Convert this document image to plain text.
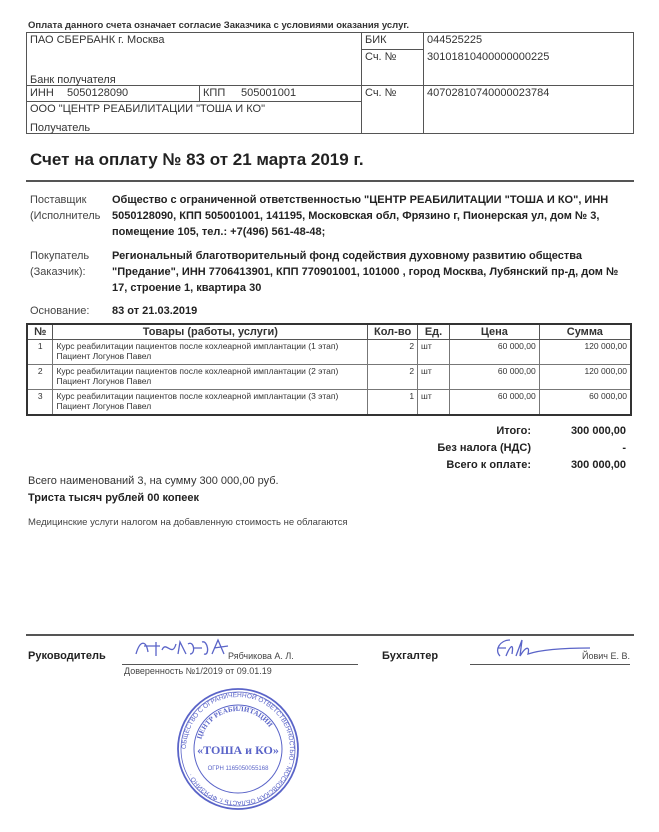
Оплата данного счета означает согласие Заказчика с условиями оказания услуг.
ПАО СБЕРБАНК г. Москва
Банк получателя
БИК	044525225
Сч. №	30101810400000000225
ИНН 5050128090	КПП 505001001	Сч. №	40702810740000023784
ООО "ЦЕНТР РЕАБИЛИТАЦИИ "ТОША И КО"
Получатель
Счет на оплату № 83 от 21 марта 2019 г.
Поставщик
(Исполнитель
Общество с ограниченной ответственностью "ЦЕНТР РЕАБИЛИТАЦИИ "ТОША И КО", ИНН 5050128090, КПП 505001001, 141195, Московская обл, Фрязино г, Пионерская ул, дом № 3, помещение 105, тел.: +7(496) 561-48-48;
Покупатель
(Заказчик):
Региональный благотворительный фонд содействия духовному развитию общества "Предание", ИНН 7706413901, КПП 770901001, 101000 , город Москва, Лубянский пр-д, дом № 17, строение 1, квартира 30
Основание:	83 от 21.03.2019
№	Товары (работы, услуги)	Кол-во	Ед.	Цена	Сумма
1	Курс реабилитации пациентов после кохлеарной имплантации (1 этап) Пациент Логунов Павел	2	шт	60 000,00	120 000,00
2	Курс реабилитации пациентов после кохлеарной имплантации (2 этап) Пациент Логунов Павел	2	шт	60 000,00	120 000,00
3	Курс реабилитации пациентов после кохлеарной имплантации (3 этап) Пациент Логунов Павел	1	шт	60 000,00	60 000,00
Итого:	300 000,00
Без налога (НДС)	-
Всего к оплате:	300 000,00
Всего наименований 3, на сумму 300 000,00 руб.
Триста тысяч рублей 00 копеек
Медицинские услуги налогом на добавленную стоимость не облагаются
Руководитель	Рябчикова А. Л.
Доверенность №1/2019 от 09.01.19
Бухгалтер	Йович Е. В.
ОБЩЕСТВО С ОГРАНИЧЕННОЙ ОТВЕТСТВЕННОСТЬЮ · МОСКОВСКАЯ ОБЛАСТЬ г. ФРЯЗИНО ·
ЦЕНТР РЕАБИЛИТАЦИИ
«ТОША и КО»
ОГРН 1165050055168
